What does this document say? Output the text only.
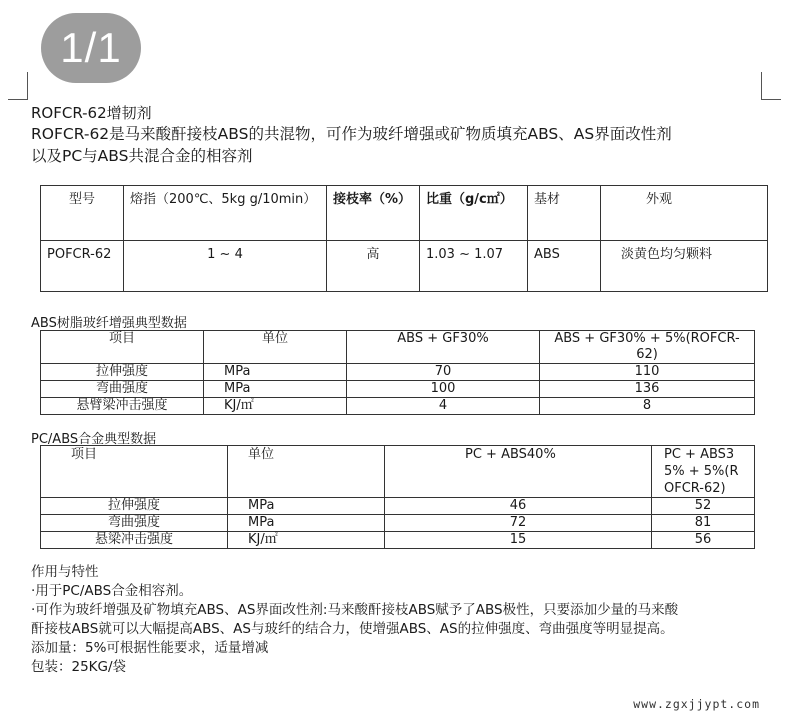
1/1
ROFCR-62增韧剂
ROFCR-62是马来酸酐接枝ABS的共混物，可作为玻纤增强或矿物质填充ABS、AS界面改性剂
以及PC与ABS共混合金的相容剂
型号	熔指（200℃、5kg g/10min）	接枝率（%）	比重（g/c㎡）	基材	外观
POFCR-62	1 ~ 4	高	1.03 ~ 1.07	ABS	淡黄色均匀颗料
ABS树脂玻纤增强典型数据
项目	单位	ABS + GF30%	ABS + GF30% + 5%(ROFCR-62)
拉伸强度	MPa	70	110
弯曲强度	MPa	100	136
悬臂梁冲击强度	KJ/㎡	4	8
PC/ABS合金典型数据
项目	单位	PC + ABS40%	PC + ABS35% + 5%(ROFCR-62)
拉伸强度	MPa	46	52
弯曲强度	MPa	72	81
悬梁冲击强度	KJ/㎡	15	56
作用与特性
·用于PC/ABS合金相容剂。
·可作为玻纤增强及矿物填充ABS、AS界面改性剂:马来酸酐接枝ABS赋予了ABS极性，只要添加少量的马来酸
酐接枝ABS就可以大幅提高ABS、AS与玻纤的结合力，使增强ABS、AS的拉伸强度、弯曲强度等明显提高。
添加量：5%可根据性能要求，适量增减
包装：25KG/袋
www.zgxjjypt.com
